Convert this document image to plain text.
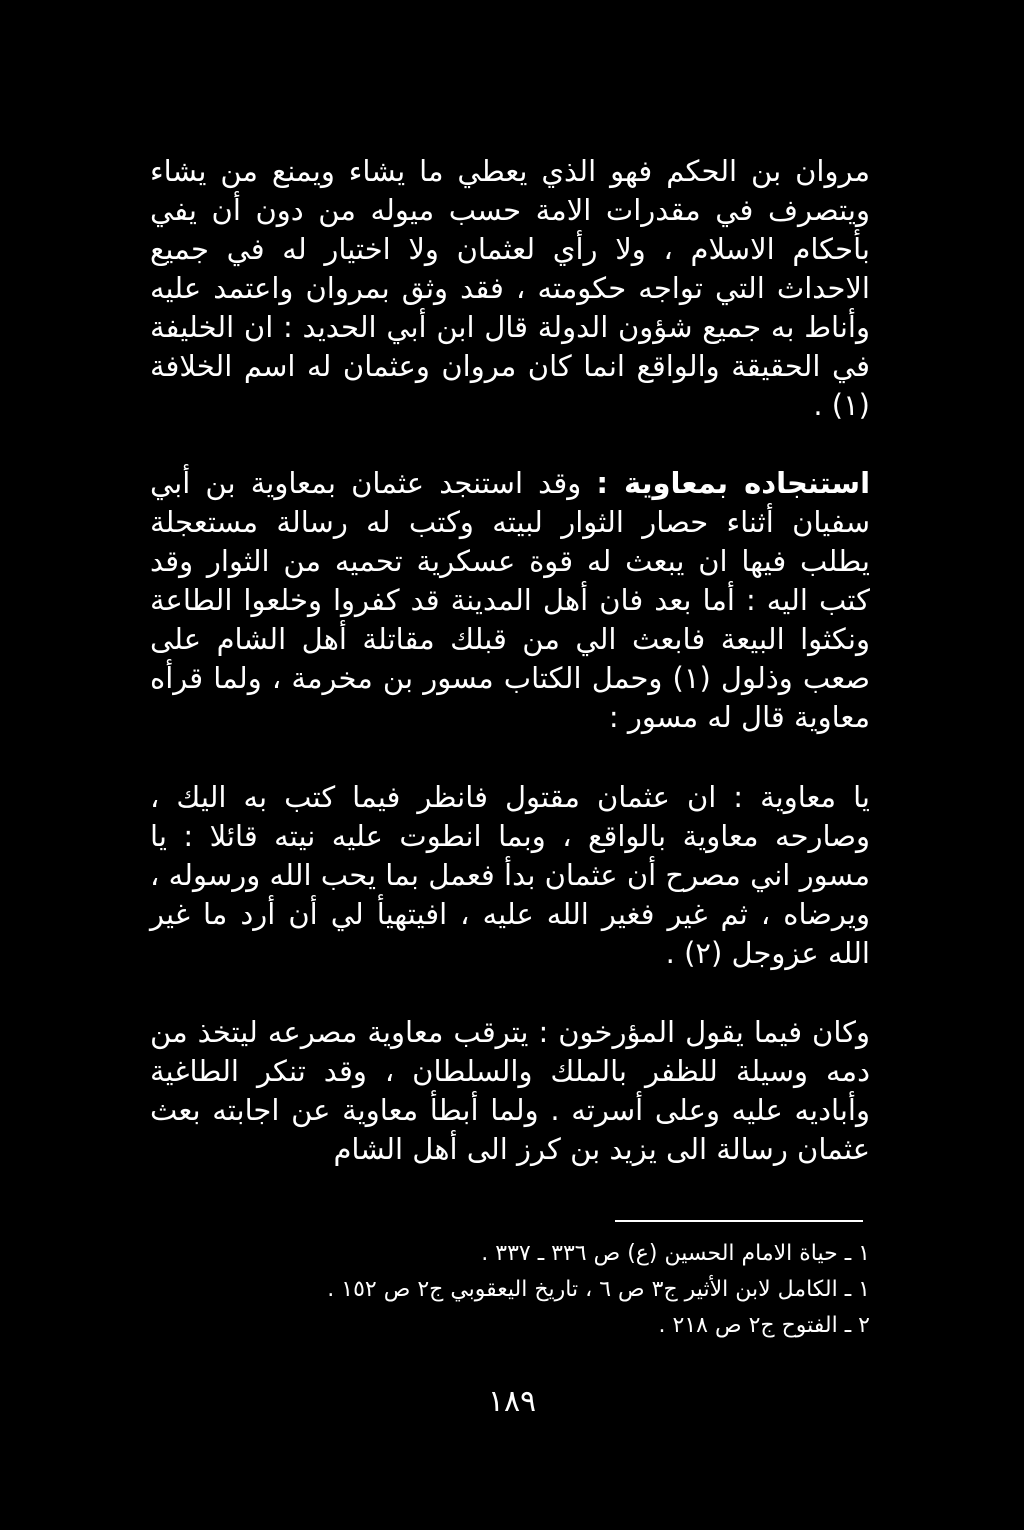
مروان بن الحكم فهو الذي يعطي ما يشاء ويمنع من يشاء ويتصرف في مقدرات الامة حسب ميوله من دون أن يفي بأحكام الاسلام ، ولا رأي لعثمان ولا اختيار له في جميع الاحداث التي تواجه حكومته ، فقد وثق بمروان واعتمد عليه وأناط به جميع شؤون الدولة قال ابن أبي الحديد : ان الخليفة في الحقيقة والواقع انما كان مروان وعثمان له اسم الخلافة (١) .
استنجاده بمعاوية : وقد استنجد عثمان بمعاوية بن أبي سفيان أثناء حصار الثوار لبيته وكتب له رسالة مستعجلة يطلب فيها ان يبعث له قوة عسكرية تحميه من الثوار وقد كتب اليه : أما بعد فان أهل المدينة قد كفروا وخلعوا الطاعة ونكثوا البيعة فابعث الي من قبلك مقاتلة أهل الشام على صعب وذلول (١) وحمل الكتاب مسور بن مخرمة ، ولما قرأه معاوية قال له مسور :
يا معاوية : ان عثمان مقتول فانظر فيما كتب به اليك ، وصارحه معاوية بالواقع ، وبما انطوت عليه نيته قائلا : يا مسور اني مصرح أن عثمان بدأ فعمل بما يحب الله ورسوله ، ويرضاه ، ثم غير فغير الله عليه ، افيتهيأ لي أن أرد ما غير الله عزوجل (٢) .
وكان فيما يقول المؤرخون : يترقب معاوية مصرعه ليتخذ من دمه وسيلة للظفر بالملك والسلطان ، وقد تنكر الطاغية وأباديه عليه وعلى أسرته . ولما أبطأ معاوية عن اجابته بعث عثمان رسالة الى يزيد بن كرز الى أهل الشام

١ ـ حياة الامام الحسين (ع) ص ٣٣٦ ـ ٣٣٧ .

١ ـ الكامل لابن الأثير ج٣ ص ٦ ، تاريخ اليعقوبي ج٢ ص ١٥٢ .

٢ ـ الفتوح ج٢ ص ٢١٨ .

١٨٩
